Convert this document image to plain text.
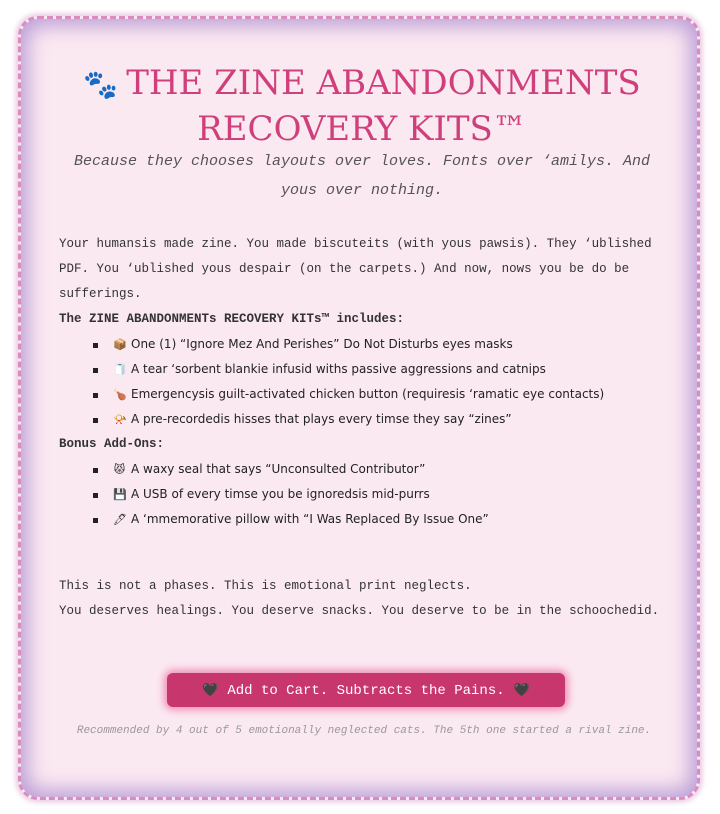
🐾 THE ZINE ABANDONMENTS RECOVERY KITS™
Because they chooses layouts over loves. Fonts over ‘amilys. And yous over nothing.

Your humansis made zine. You made biscuteits (with yous pawsis). They ‘ublished PDF. You ‘ublished yous despair (on the carpets.) And now, nows you be do be sufferings.

The ZINE ABANDONMENTs RECOVERY KITs™ includes:

📦 One (1) “Ignore Mez And Perishes” Do Not Disturbs eyes masks
🧻 A tear ‘sorbent blankie infusid withs passive aggressions and catnips
🍗 Emergencysis guilt-activated chicken button (requiresis ‘ramatic eye contacts)
📯 A pre-recordedis hisses that plays every timse they say “zines”

Bonus Add-Ons:

😾 A waxy seal that says “Unconsulted Contributor”
💾 A USB of every timse you be ignoredsis mid-purrs
🖊 A ‘mmemorative pillow with “I Was Replaced By Issue One”

This is not a phases. This is emotional print neglects.

You deserves healings. You deserve snacks. You deserve to be in the schoochedid.

🖤 Add to Cart. Subtracts the Pains. 🖤
Recommended by 4 out of 5 emotionally neglected cats. The 5th one started a rival zine.
